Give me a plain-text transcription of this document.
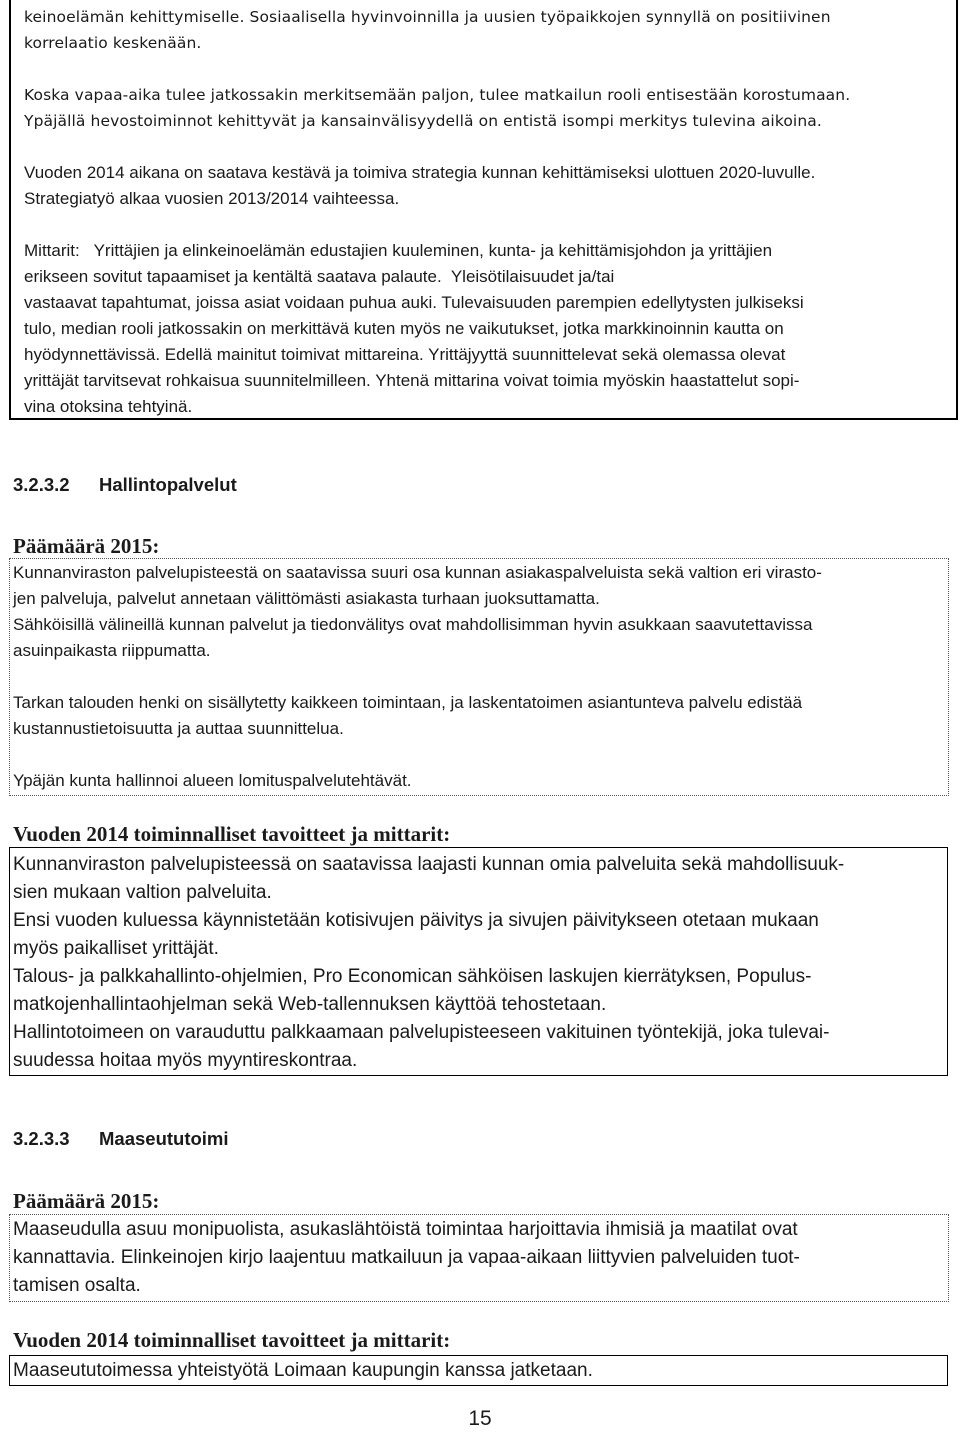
keinoelämän kehittymiselle. Sosiaalisella hyvinvoinnilla ja uusien työpaikkojen synnyllä on positiivinen

korrelaatio keskenään.

Koska vapaa-aika tulee jatkossakin merkitsemään paljon, tulee matkailun rooli entisestään korostumaan.

Ypäjällä hevostoiminnot kehittyvät ja kansainvälisyydellä on entistä isompi merkitys tulevina aikoina.

Vuoden 2014 aikana on saatava kestävä ja toimiva strategia kunnan kehittämiseksi ulottuen 2020-luvulle.

Strategiatyö alkaa vuosien 2013/2014 vaihteessa.

Mittarit:   Yrittäjien ja elinkeinoelämän edustajien kuuleminen, kunta- ja kehittämisjohdon ja yrittäjien

erikseen sovitut tapaamiset ja kentältä saatava palaute.  Yleisötilaisuudet ja/tai

vastaavat tapahtumat, joissa asiat voidaan puhua auki. Tulevaisuuden parempien edellytysten julkiseksi

tulo, median rooli jatkossakin on merkittävä kuten myös ne vaikutukset, jotka markkinoinnin kautta on

hyödynnettävissä. Edellä mainitut toimivat mittareina. Yrittäjyyttä suunnittelevat sekä olemassa olevat

yrittäjät tarvitsevat rohkaisua suunnitelmilleen. Yhtenä mittarina voivat toimia myöskin haastattelut sopi-

vina otoksina tehtyinä.

3.2.3.2 Hallintopalvelut
Päämäärä 2015:

Kunnanviraston palvelupisteestä on saatavissa suuri osa kunnan asiakaspalveluista sekä valtion eri virasto-

jen palveluja, palvelut annetaan välittömästi asiakasta turhaan juoksuttamatta.

Sähköisillä välineillä kunnan palvelut ja tiedonvälitys ovat mahdollisimman hyvin asukkaan saavutettavissa

asuinpaikasta riippumatta.

Tarkan talouden henki on sisällytetty kaikkeen toimintaan, ja laskentatoimen asiantunteva palvelu edistää

kustannustietoisuutta ja auttaa suunnittelua.

Ypäjän kunta hallinnoi alueen lomituspalvelutehtävät.

Vuoden 2014 toiminnalliset tavoitteet ja mittarit:

Kunnanviraston palvelupisteessä on saatavissa laajasti kunnan omia palveluita sekä mahdollisuuk-

sien mukaan valtion palveluita.

Ensi vuoden kuluessa käynnistetään kotisivujen päivitys ja sivujen päivitykseen otetaan mukaan

myös paikalliset yrittäjät.

Talous- ja palkkahallinto-ohjelmien, Pro Economican sähköisen laskujen kierrätyksen, Populus-

matkojenhallintaohjelman sekä Web-tallennuksen käyttöä tehostetaan.

Hallintotoimeen on varauduttu palkkaamaan palvelupisteeseen vakituinen työntekijä, joka tulevai-

suudessa hoitaa myös myyntireskontraa.

3.2.3.3 Maaseututoimi
Päämäärä 2015:

Maaseudulla asuu monipuolista, asukaslähtöistä toimintaa harjoittavia ihmisiä ja maatilat ovat

kannattavia. Elinkeinojen kirjo laajentuu matkailuun ja vapaa-aikaan liittyvien palveluiden tuot-

tamisen osalta.

Vuoden 2014 toiminnalliset tavoitteet ja mittarit:

Maaseututoimessa yhteistyötä Loimaan kaupungin kanssa jatketaan.

15
